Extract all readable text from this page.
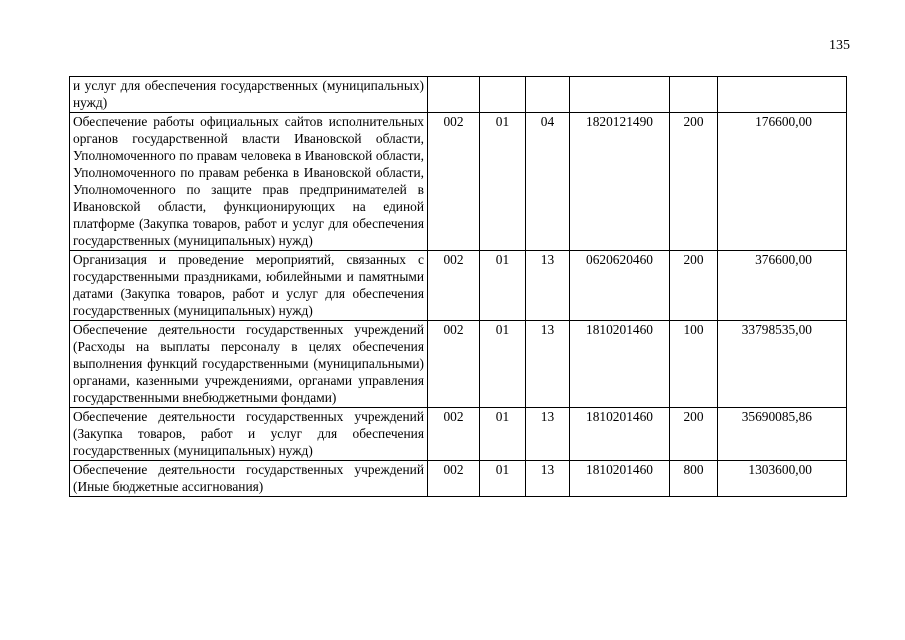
135
и услуг для обеспечения государственных (муниципальных) нужд)						
Обеспечение работы официальных сайтов исполнительных органов государственной власти Ивановской области, Уполномоченного по правам человека в Ивановской области, Уполномоченного по правам ребенка в Ивановской области, Уполномоченного по защите прав предпринимателей в Ивановской области, функционирующих на единой платформе (Закупка товаров, работ и услуг для обеспечения государственных (муниципальных) нужд)	002	01	04	1820121490	200	176600,00
Организация и проведение мероприятий, связанных с государственными праздниками, юбилейными и памятными датами (Закупка товаров, работ и услуг для обеспечения государственных (муниципальных) нужд)	002	01	13	0620620460	200	376600,00
Обеспечение деятельности государственных учреждений (Расходы на выплаты персоналу в целях обеспечения выполнения функций государственными (муниципальными) органами, казенными учреждениями, органами управления государственными внебюджетными фондами)	002	01	13	1810201460	100	33798535,00
Обеспечение деятельности государственных учреждений (Закупка товаров, работ и услуг для обеспечения государственных (муниципальных) нужд)	002	01	13	1810201460	200	35690085,86
Обеспечение деятельности государственных учреждений (Иные бюджетные ассигнования)	002	01	13	1810201460	800	1303600,00
